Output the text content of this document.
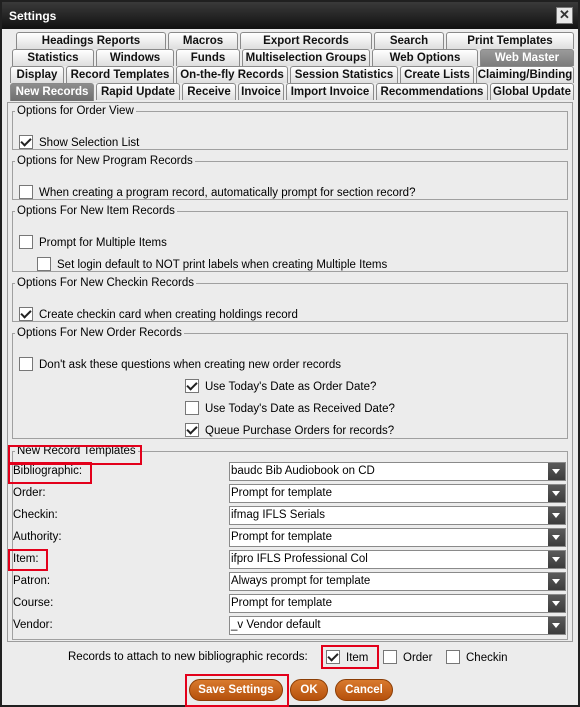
Settings	✕
Headings Reports	Macros	Export Records	Search	Print Templates
Statistics	Windows	Funds	Multiselection Groups	Web Options	Web Master
Display	Record Templates On-the-fly Records Session Statistics Create Lists Claiming/Binding
New Records	Rapid Update	Receive Invoice Import Invoice Recommendations Global Update
Options for Order View
Show Selection List
Options for New Program Records
When creating a program record, automatically prompt for section record?
Options For New Item Records
Prompt for Multiple Items
Set login default to NOT print labels when creating Multiple Items
Options For New Checkin Records
Create checkin card when creating holdings record
Options For New Order Records
Don't ask these questions when creating new order records
Use Today's Date as Order Date?
Use Today's Date as Received Date?
Queue Purchase Orders for records?
New Record Templates
Bibliographic:	baudc Bib Audiobook on CD
Order:	Prompt for template
Checkin:	ifmag IFLS Serials
Authority:	Prompt for template
Item:	ifpro IFLS Professional Col
Patron:	Always prompt for template
Course:	Prompt for template
Vendor:	_v Vendor default
Records to attach to new bibliographic records:	Item	Order	Checkin
Save Settings	OK	Cancel
